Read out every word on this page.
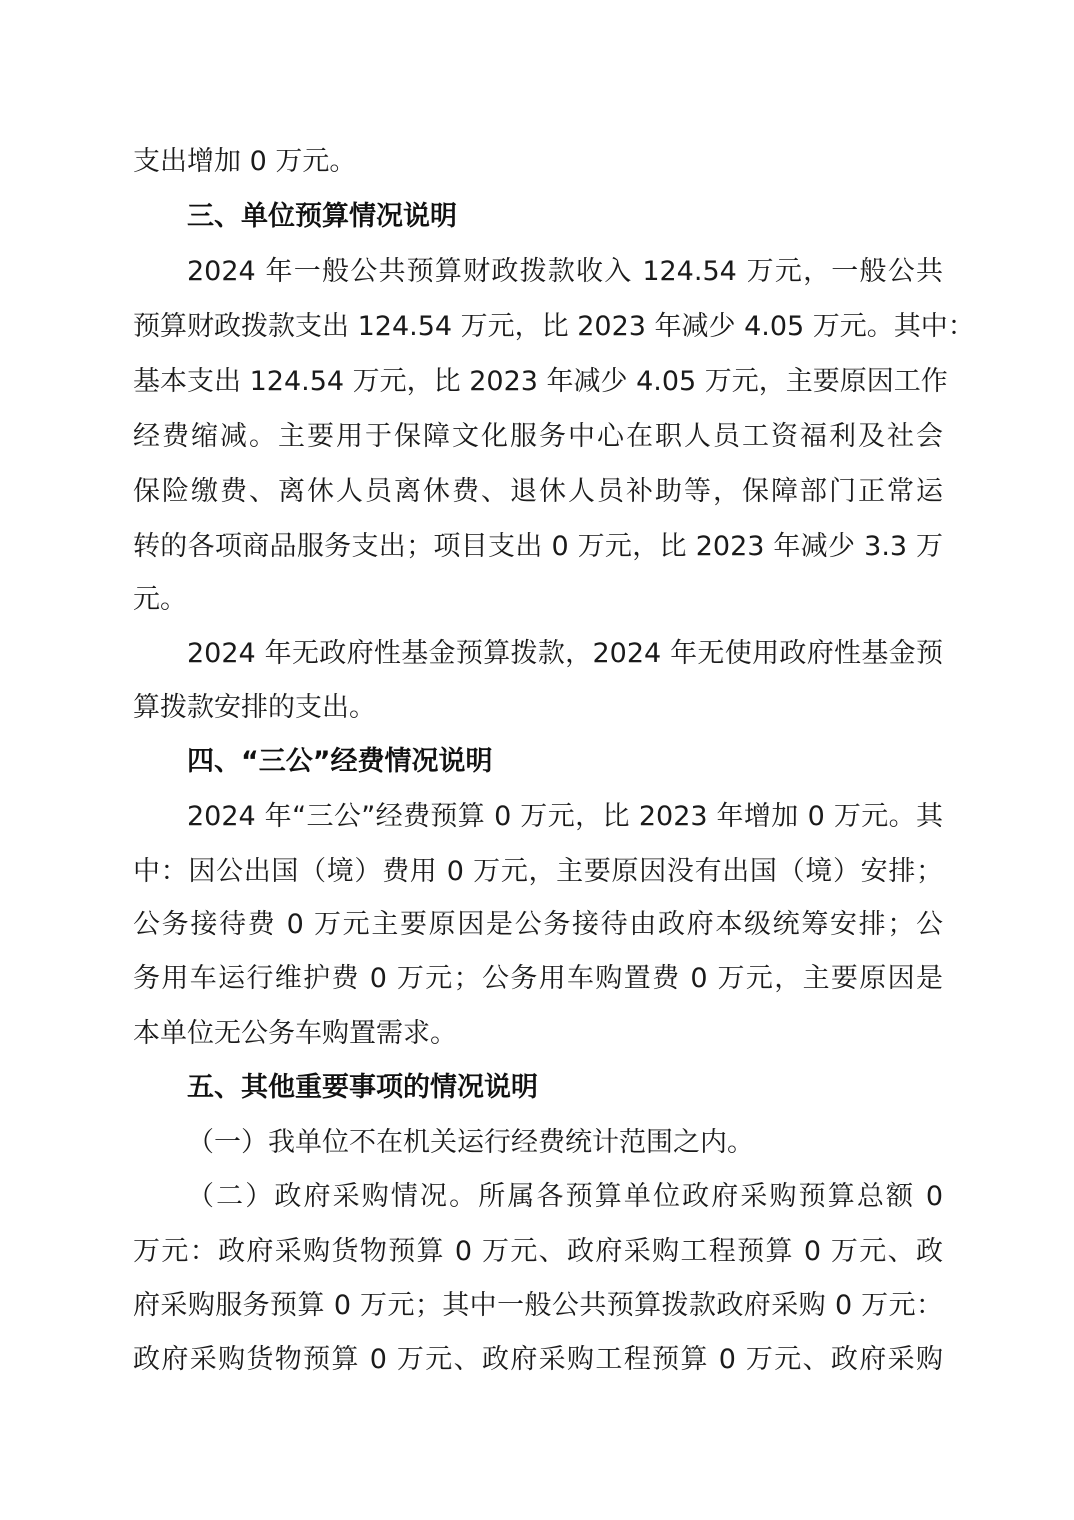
支出增加 0 万元。
三、单位预算情况说明
2024 年一般公共预算财政拨款收入 124.54 万元，一般公共
预算财政拨款支出 124.54 万元，比 2023 年减少 4.05 万元。其中：
基本支出 124.54 万元，比 2023 年减少 4.05 万元，主要原因工作
经费缩减。主要用于保障文化服务中心在职人员工资福利及社会
保险缴费、离休人员离休费、退休人员补助等，保障部门正常运
转的各项商品服务支出；项目支出 0 万元，比 2023 年减少 3.3 万
元。
2024 年无政府性基金预算拨款，2024 年无使用政府性基金预
算拨款安排的支出。
四、“三公”经费情况说明
2024 年“三公”经费预算 0 万元，比 2023 年增加 0 万元。其
中：因公出国（境）费用 0 万元，主要原因没有出国（境）安排；
公务接待费 0 万元主要原因是公务接待由政府本级统筹安排；公
务用车运行维护费 0 万元；公务用车购置费 0 万元，主要原因是
本单位无公务车购置需求。
五、其他重要事项的情况说明
（一）我单位不在机关运行经费统计范围之内。
（二）政府采购情况。所属各预算单位政府采购预算总额 0
万元：政府采购货物预算 0 万元、政府采购工程预算 0 万元、政
府采购服务预算 0 万元；其中一般公共预算拨款政府采购 0 万元：
政府采购货物预算 0 万元、政府采购工程预算 0 万元、政府采购
